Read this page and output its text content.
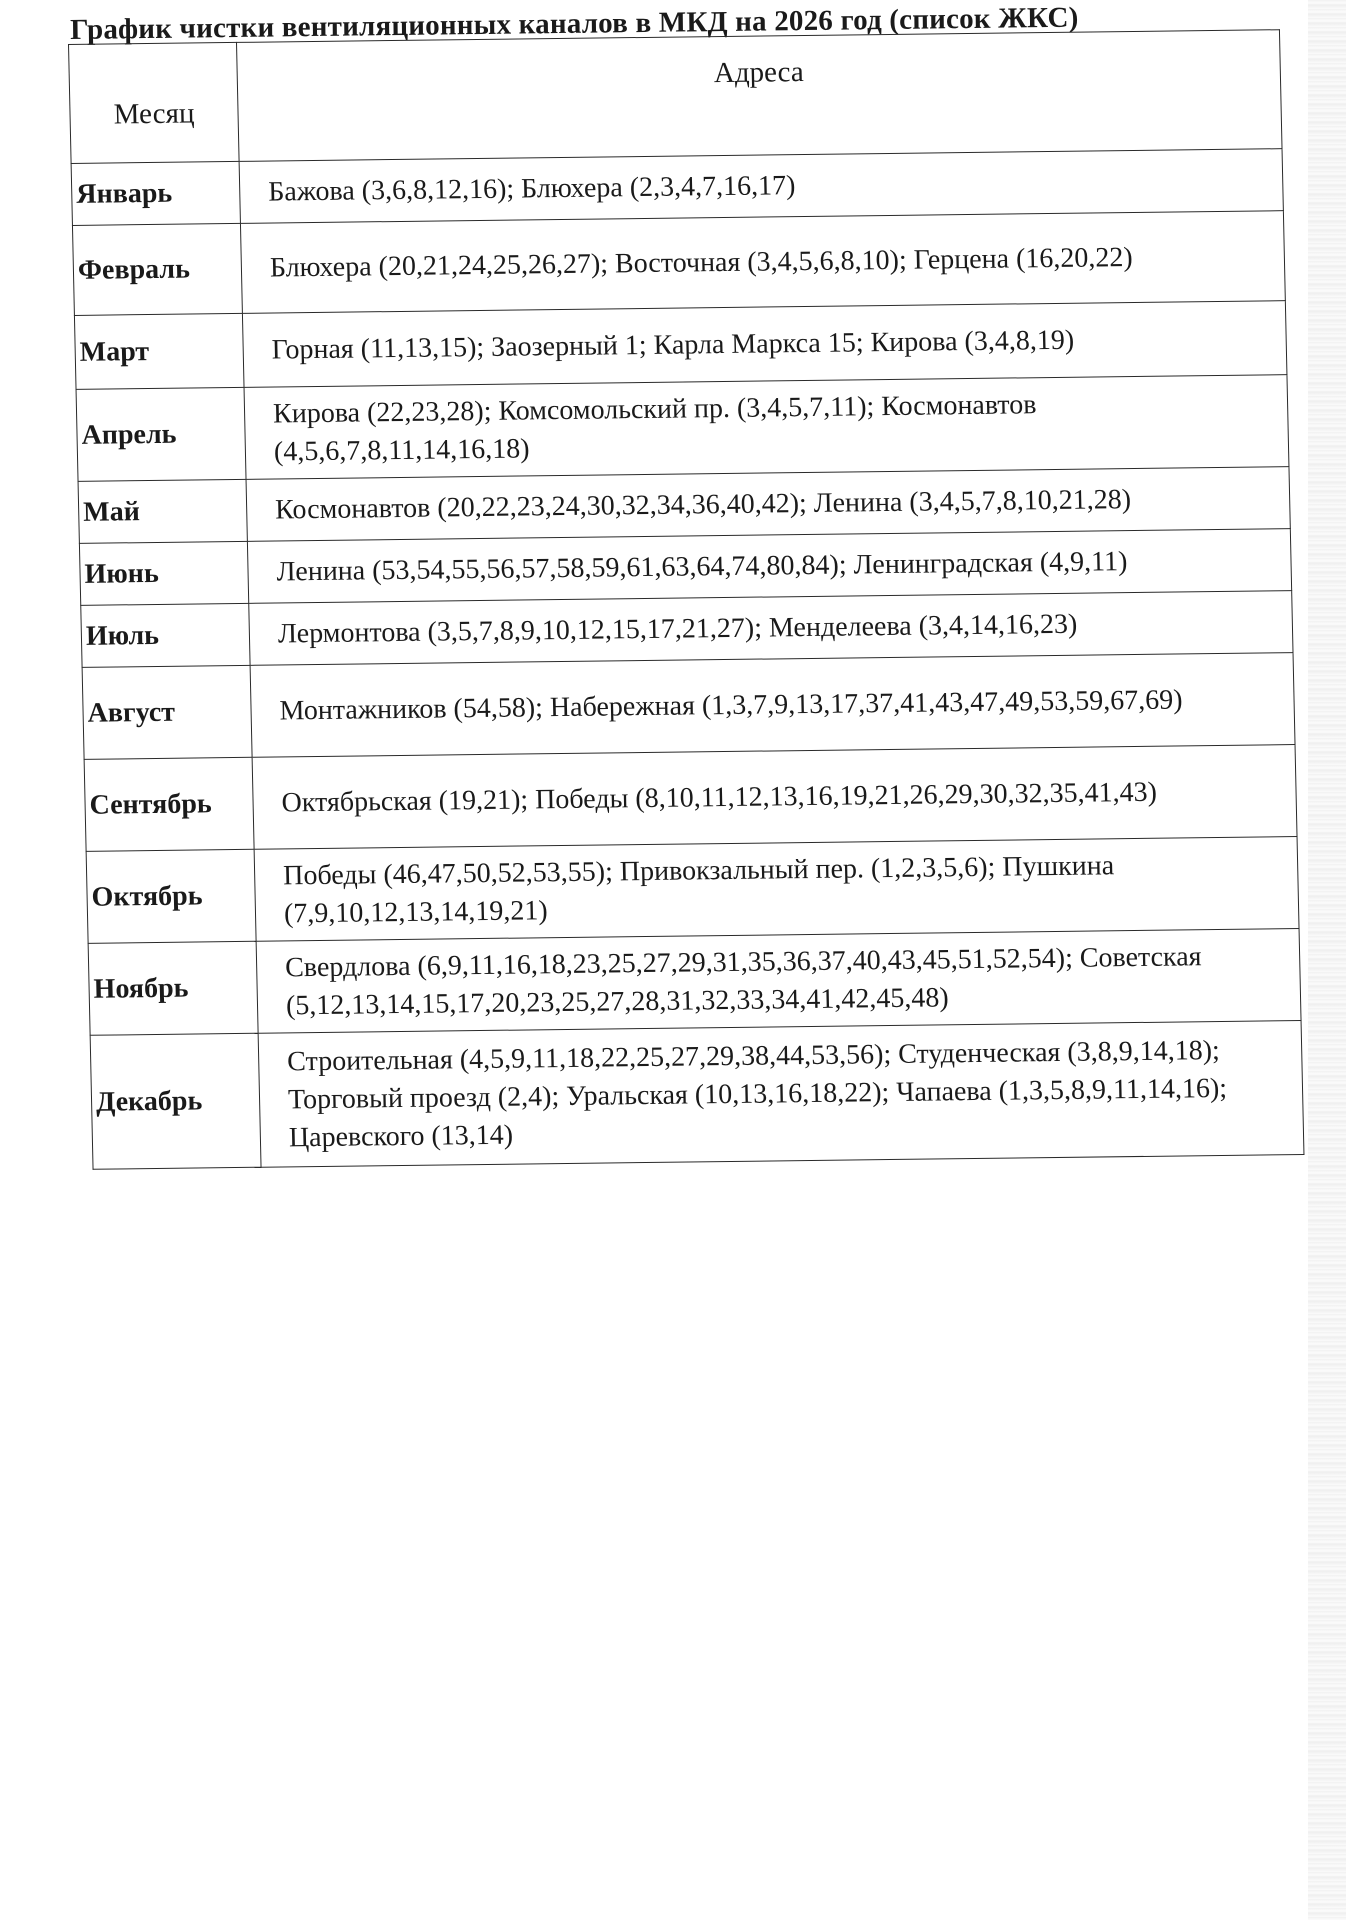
График чистки вентиляционных каналов в МКД на 2026 год (список ЖКС)
Месяц	Адреса
Январь	Бажова (3,6,8,12,16); Блюхера (2,3,4,7,16,17)
Февраль	Блюхера (20,21,24,25,26,27); Восточная (3,4,5,6,8,10); Герцена (16,20,22)
Март	Горная (11,13,15); Заозерный 1; Карла Маркса 15; Кирова (3,4,8,19)
Апрель	Кирова (22,23,28); Комсомольский пр. (3,4,5,7,11); Космонавтов (4,5,6,7,8,11,14,16,18)
Май	Космонавтов (20,22,23,24,30,32,34,36,40,42); Ленина (3,4,5,7,8,10,21,28)
Июнь	Ленина (53,54,55,56,57,58,59,61,63,64,74,80,84); Ленинградская (4,9,11)
Июль	Лермонтова (3,5,7,8,9,10,12,15,17,21,27); Менделеева (3,4,14,16,23)
Август	Монтажников (54,58); Набережная (1,3,7,9,13,17,37,41,43,47,49,53,59,67,69)
Сентябрь	Октябрьская (19,21); Победы (8,10,11,12,13,16,19,21,26,29,30,32,35,41,43)
Октябрь	Победы (46,47,50,52,53,55); Привокзальный пер. (1,2,3,5,6); Пушкина (7,9,10,12,13,14,19,21)
Ноябрь	Свердлова (6,9,11,16,18,23,25,27,29,31,35,36,37,40,43,45,51,52,54); Советская (5,12,13,14,15,17,20,23,25,27,28,31,32,33,34,41,42,45,48)
Декабрь	Строительная (4,5,9,11,18,22,25,27,29,38,44,53,56); Студенческая (3,8,9,14,18); Торговый проезд (2,4); Уральская (10,13,16,18,22); Чапаева (1,3,5,8,9,11,14,16); Царевского (13,14)
